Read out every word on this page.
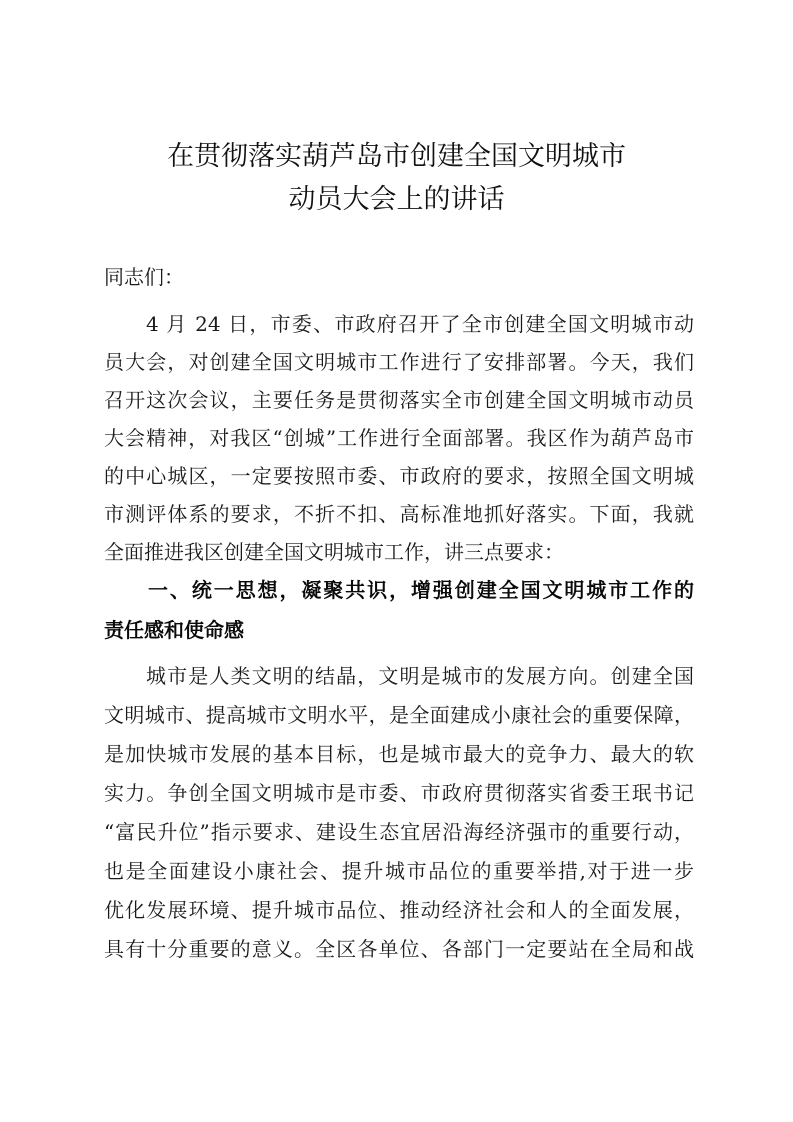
在贯彻落实葫芦岛市创建全国文明城市
动员大会上的讲话
同志们：
4 月 24 日，市委、市政府召开了全市创建全国文明城市动
员大会，对创建全国文明城市工作进行了安排部署。今天，我们
召开这次会议，主要任务是贯彻落实全市创建全国文明城市动员
大会精神，对我区“创城”工作进行全面部署。我区作为葫芦岛市
的中心城区，一定要按照市委、市政府的要求，按照全国文明城
市测评体系的要求，不折不扣、高标准地抓好落实。下面，我就
全面推进我区创建全国文明城市工作，讲三点要求：
一、统一思想，凝聚共识，增强创建全国文明城市工作的
责任感和使命感
城市是人类文明的结晶，文明是城市的发展方向。创建全国
文明城市、提高城市文明水平，是全面建成小康社会的重要保障，
是加快城市发展的基本目标，也是城市最大的竞争力、最大的软
实力。争创全国文明城市是市委、市政府贯彻落实省委王珉书记
“富民升位”指示要求、建设生态宜居沿海经济强市的重要行动，
也是全面建设小康社会、提升城市品位的重要举措,对于进一步
优化发展环境、提升城市品位、推动经济社会和人的全面发展，
具有十分重要的意义。全区各单位、各部门一定要站在全局和战
